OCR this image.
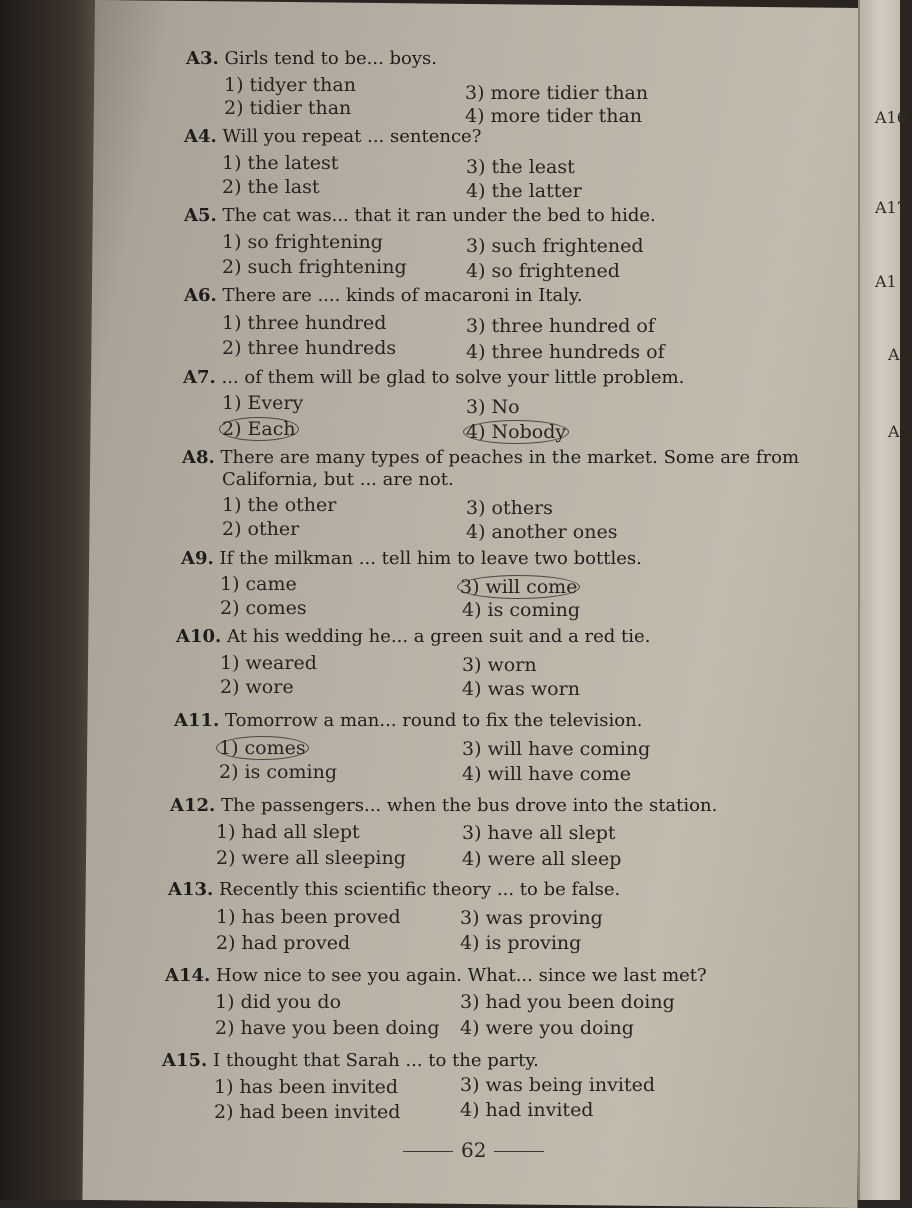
A16.
A17
A1
A
A
A3. Girls tend to be... boys.
1) tidyer than
2) tidier than
3) more tidier than
4) more tider than
A4. Will you repeat ... sentence?
1) the latest
2) the last
3) the least
4) the latter
A5. The cat was... that it ran under the bed to hide.
1) so frightening
2) such frightening
3) such frightened
4) so frightened
A6. There are .... kinds of macaroni in Italy.
1) three hundred
2) three hundreds
3) three hundred of
4) three hundreds of
A7. ... of them will be glad to solve your little problem.
1) Every
2) Each
3) No
4) Nobody
A8. There are many types of peaches in the market. Some are from
California, but ... are not.
1) the other
2) other
3) others
4) another ones
A9. If the milkman ... tell him to leave two bottles.
1) came
2) comes
3) will come
4) is coming
A10. At his wedding he... a green suit and a red tie.
1) weared
2) wore
3) worn
4) was worn
A11. Tomorrow a man... round to fix the television.
1) comes
2) is coming
3) will have coming
4) will have come
A12. The passengers... when the bus drove into the station.
1) had all slept
2) were all sleeping
3) have all slept
4) were all sleep
A13. Recently this scientific theory ... to be false.
1) has been proved
2) had proved
3) was proving
4) is proving
A14. How nice to see you again. What... since we last met?
1) did you do
2) have you been doing
3) had you been doing
4) were you doing
A15. I thought that Sarah ... to the party.
1) has been invited
2) had been invited
3) was being invited
4) had invited
62
